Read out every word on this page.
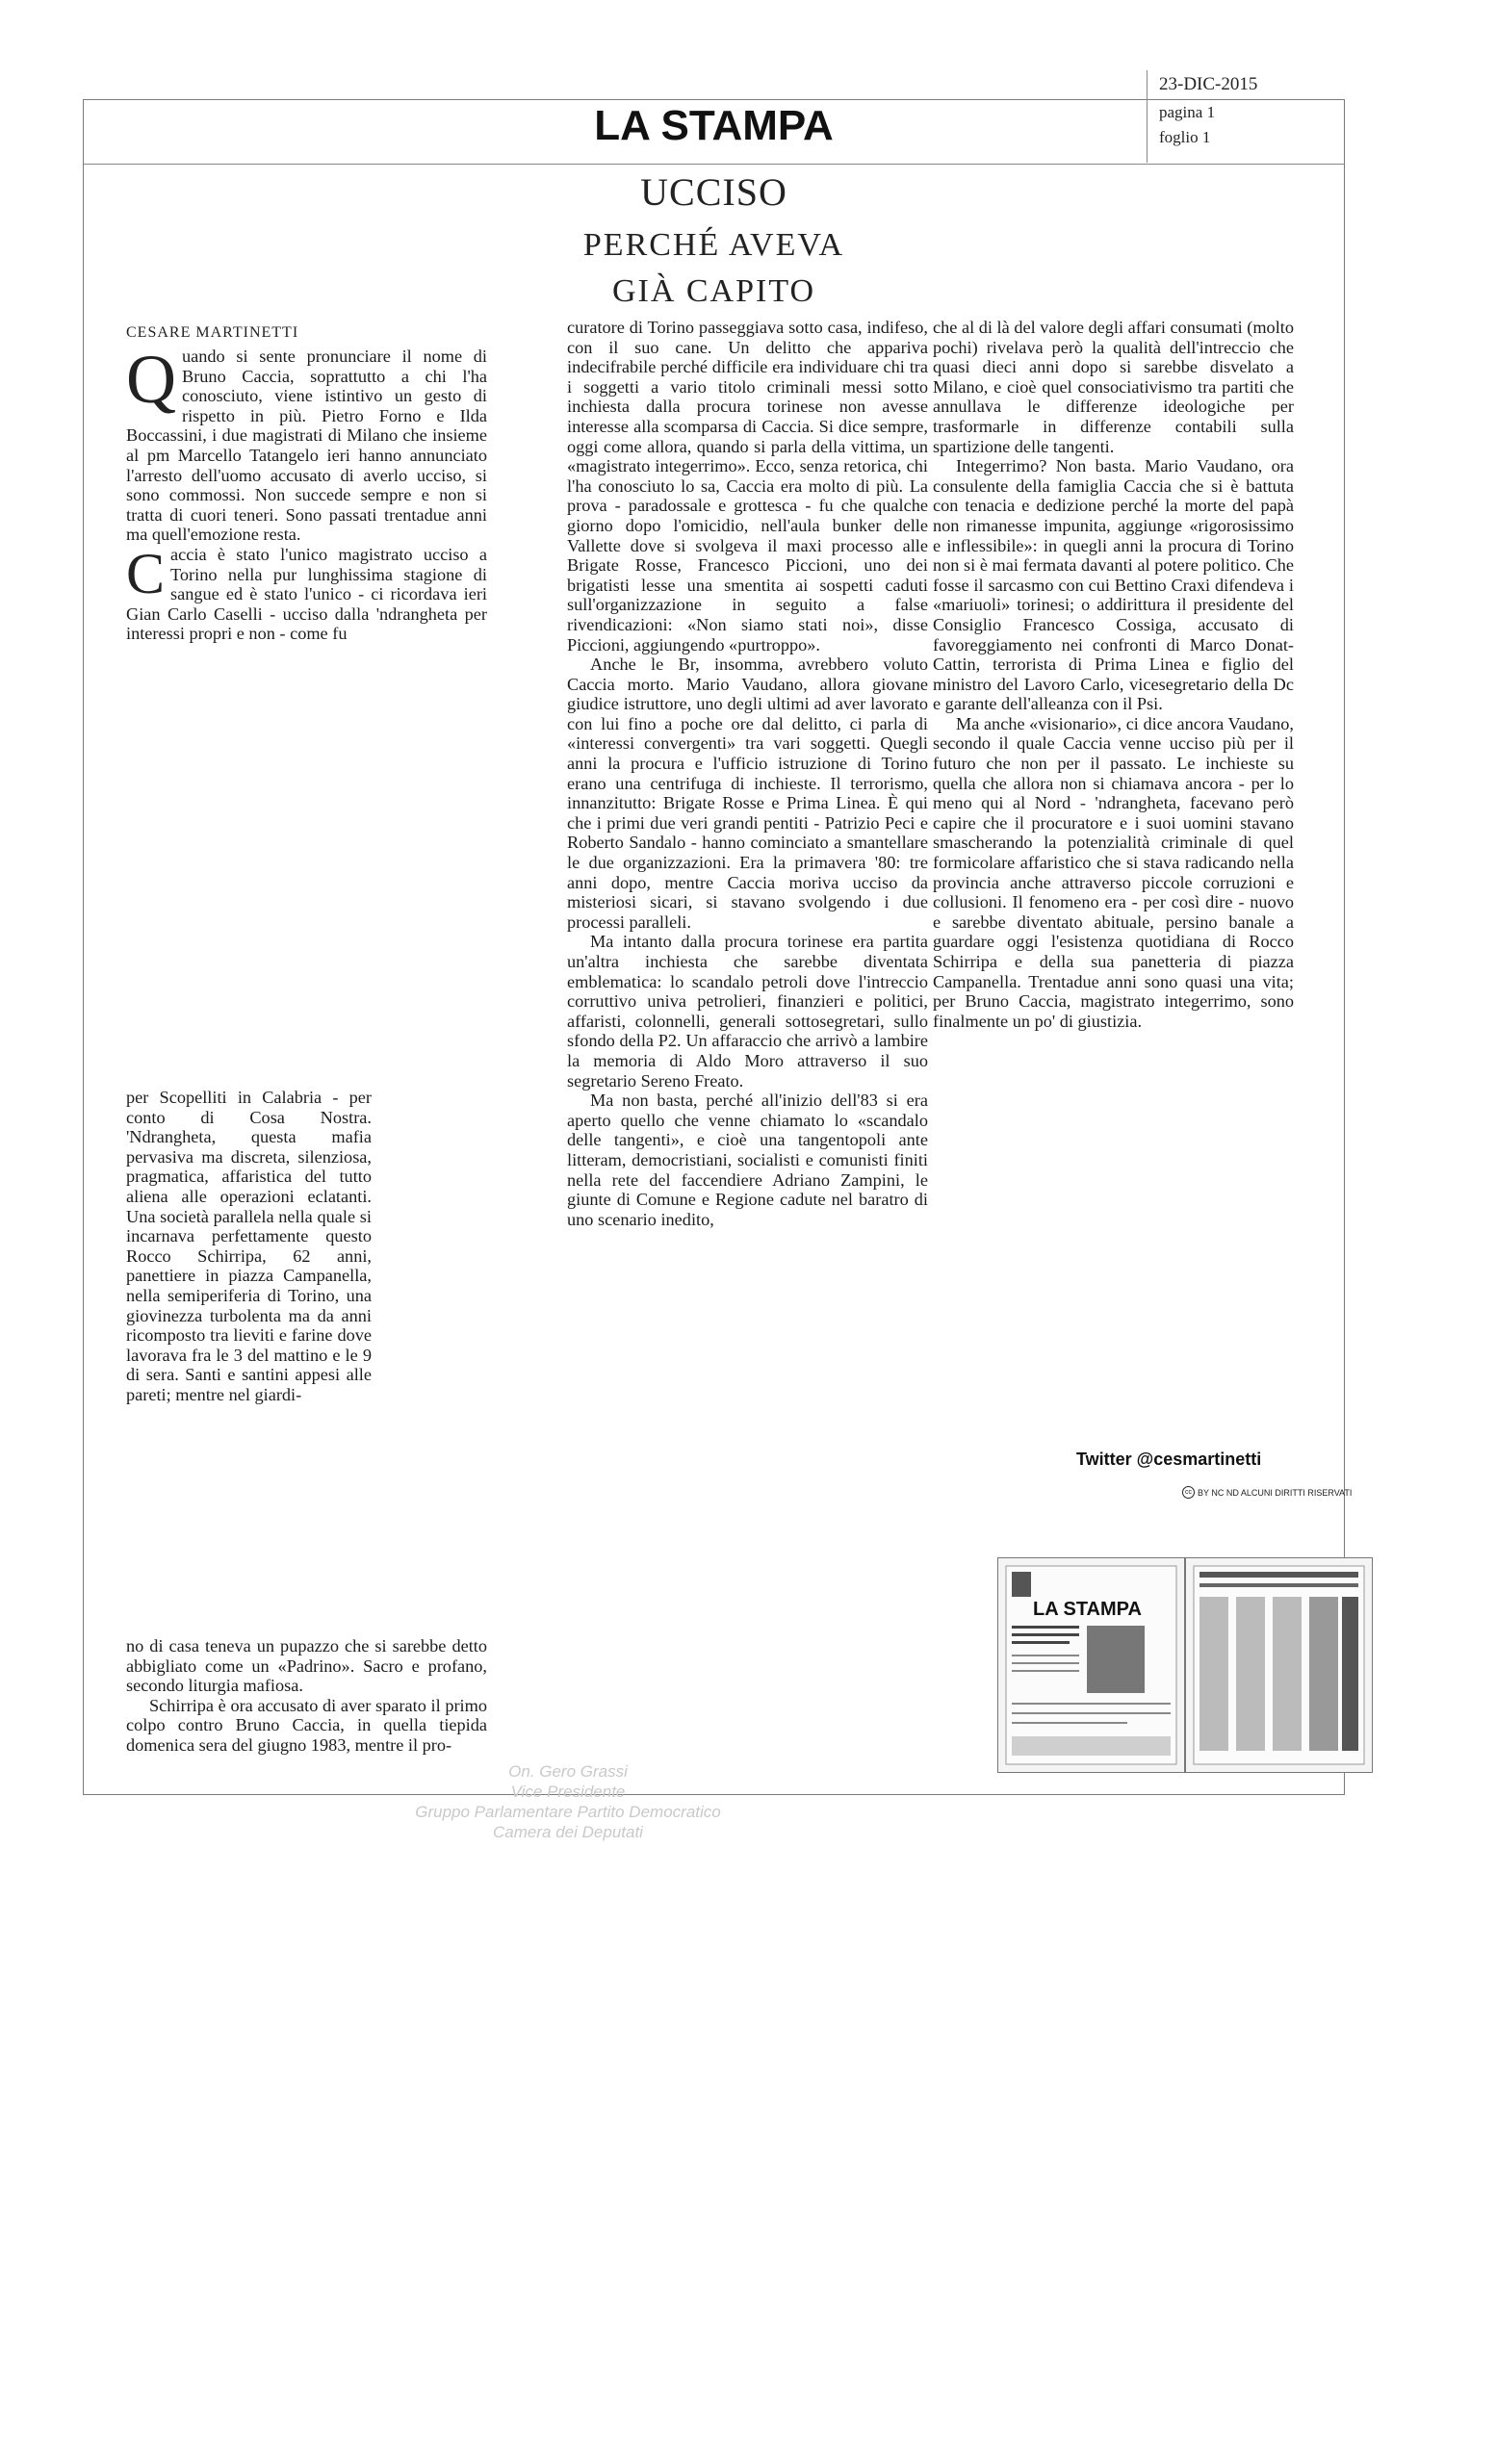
LA STAMPA
23-DIC-2015
pagina 1
foglio 1
UCCISO
PERCHÉ AVEVA
GIÀ CAPITO
CESARE MARTINETTI

Quando si sente pronunciare il nome di Bruno Caccia, soprattutto a chi l'ha conosciuto, viene istintivo un gesto di rispetto in più. Pietro Forno e Ilda Boccassini, i due magistrati di Milano che insieme al pm Marcello Tatangelo ieri hanno annunciato l'arresto dell'uomo accusato di averlo ucciso, si sono commossi. Non succede sempre e non si tratta di cuori teneri. Sono passati trentadue anni ma quell'emozione resta.

Caccia è stato l'unico magistrato ucciso a Torino nella pur lunghissima stagione di sangue ed è stato l'unico - ci ricordava ieri Gian Carlo Caselli - ucciso dalla 'ndrangheta per interessi propri e non - come fu

per Scopelliti in Calabria - per conto di Cosa Nostra. 'Ndrangheta, questa mafia pervasiva ma discreta, silenziosa, pragmatica, affaristica del tutto aliena alle operazioni eclatanti. Una società parallela nella quale si incarnava perfettamente questo Rocco Schirripa, 62 anni, panettiere in piazza Campanella, nella semiperiferia di Torino, una giovinezza turbolenta ma da anni ricomposto tra lieviti e farine dove lavorava fra le 3 del mattino e le 9 di sera. Santi e santini appesi alle pareti; mentre nel giardi-

no di casa teneva un pupazzo che si sarebbe detto abbigliato come un «Padrino». Sacro e profano, secondo liturgia mafiosa.

Schirripa è ora accusato di aver sparato il primo colpo contro Bruno Caccia, in quella tiepida domenica sera del giugno 1983, mentre il pro-

curatore di Torino passeggiava sotto casa, indifeso, con il suo cane. Un delitto che appariva indecifrabile perché difficile era individuare chi tra i soggetti a vario titolo criminali messi sotto inchiesta dalla procura torinese non avesse interesse alla scomparsa di Caccia. Si dice sempre, oggi come allora, quando si parla della vittima, un «magistrato integerrimo». Ecco, senza retorica, chi l'ha conosciuto lo sa, Caccia era molto di più. La prova - paradossale e grottesca - fu che qualche giorno dopo l'omicidio, nell'aula bunker delle Vallette dove si svolgeva il maxi processo alle Brigate Rosse, Francesco Piccioni, uno dei brigatisti lesse una smentita ai sospetti caduti sull'organizzazione in seguito a false rivendicazioni: «Non siamo stati noi», disse Piccioni, aggiungendo «purtroppo».

Anche le Br, insomma, avrebbero voluto Caccia morto. Mario Vaudano, allora giovane giudice istruttore, uno degli ultimi ad aver lavorato con lui fino a poche ore dal delitto, ci parla di «interessi convergenti» tra vari soggetti. Quegli anni la procura e l'ufficio istruzione di Torino erano una centrifuga di inchieste. Il terrorismo, innanzitutto: Brigate Rosse e Prima Linea. È qui che i primi due veri grandi pentiti - Patrizio Peci e Roberto Sandalo - hanno cominciato a smantellare le due organizzazioni. Era la primavera '80: tre anni dopo, mentre Caccia moriva ucciso da misteriosi sicari, si stavano svolgendo i due processi paralleli.

Ma intanto dalla procura torinese era partita un'altra inchiesta che sarebbe diventata emblematica: lo scandalo petroli dove l'intreccio corruttivo univa petrolieri, finanzieri e politici, affaristi, colonnelli, generali sottosegretari, sullo sfondo della P2. Un affaraccio che arrivò a lambire la memoria di Aldo Moro attraverso il suo segretario Sereno Freato.

Ma non basta, perché all'inizio dell'83 si era aperto quello che venne chiamato lo «scandalo delle tangenti», e cioè una tangentopoli ante litteram, democristiani, socialisti e comunisti finiti nella rete del faccendiere Adriano Zampini, le giunte di Comune e Regione cadute nel baratro di uno scenario inedito,

che al di là del valore degli affari consumati (molto pochi) rivelava però la qualità dell'intreccio che quasi dieci anni dopo si sarebbe disvelato a Milano, e cioè quel consociativismo tra partiti che annullava le differenze ideologiche per trasformarle in differenze contabili sulla spartizione delle tangenti.

Integerrimo? Non basta. Mario Vaudano, ora consulente della famiglia Caccia che si è battuta con tenacia e dedizione perché la morte del papà non rimanesse impunita, aggiunge «rigorosissimo e inflessibile»: in quegli anni la procura di Torino non si è mai fermata davanti al potere politico. Che fosse il sarcasmo con cui Bettino Craxi difendeva i «mariuoli» torinesi; o addirittura il presidente del Consiglio Francesco Cossiga, accusato di favoreggiamento nei confronti di Marco Donat-Cattin, terrorista di Prima Linea e figlio del ministro del Lavoro Carlo, vicesegretario della Dc e garante dell'alleanza con il Psi.

Ma anche «visionario», ci dice ancora Vaudano, secondo il quale Caccia venne ucciso più per il futuro che non per il passato. Le inchieste su quella che allora non si chiamava ancora - per lo meno qui al Nord - 'ndrangheta, facevano però capire che il procuratore e i suoi uomini stavano smascherando la potenzialità criminale di quel formicolare affaristico che si stava radicando nella provincia anche attraverso piccole corruzioni e collusioni. Il fenomeno era - per così dire - nuovo e sarebbe diventato abituale, persino banale a guardare oggi l'esistenza quotidiana di Rocco Schirripa e della sua panetteria di piazza Campanella. Trentadue anni sono quasi una vita; per Bruno Caccia, magistrato integerrimo, sono finalmente un po' di giustizia.

Twitter @cesmartinetti
cc BY NC ND ALCUNI DIRITTI RISERVATI
LA STAMPA
On. Gero Grassi
Vice Presidente
Gruppo Parlamentare Partito Democratico
Camera dei Deputati
